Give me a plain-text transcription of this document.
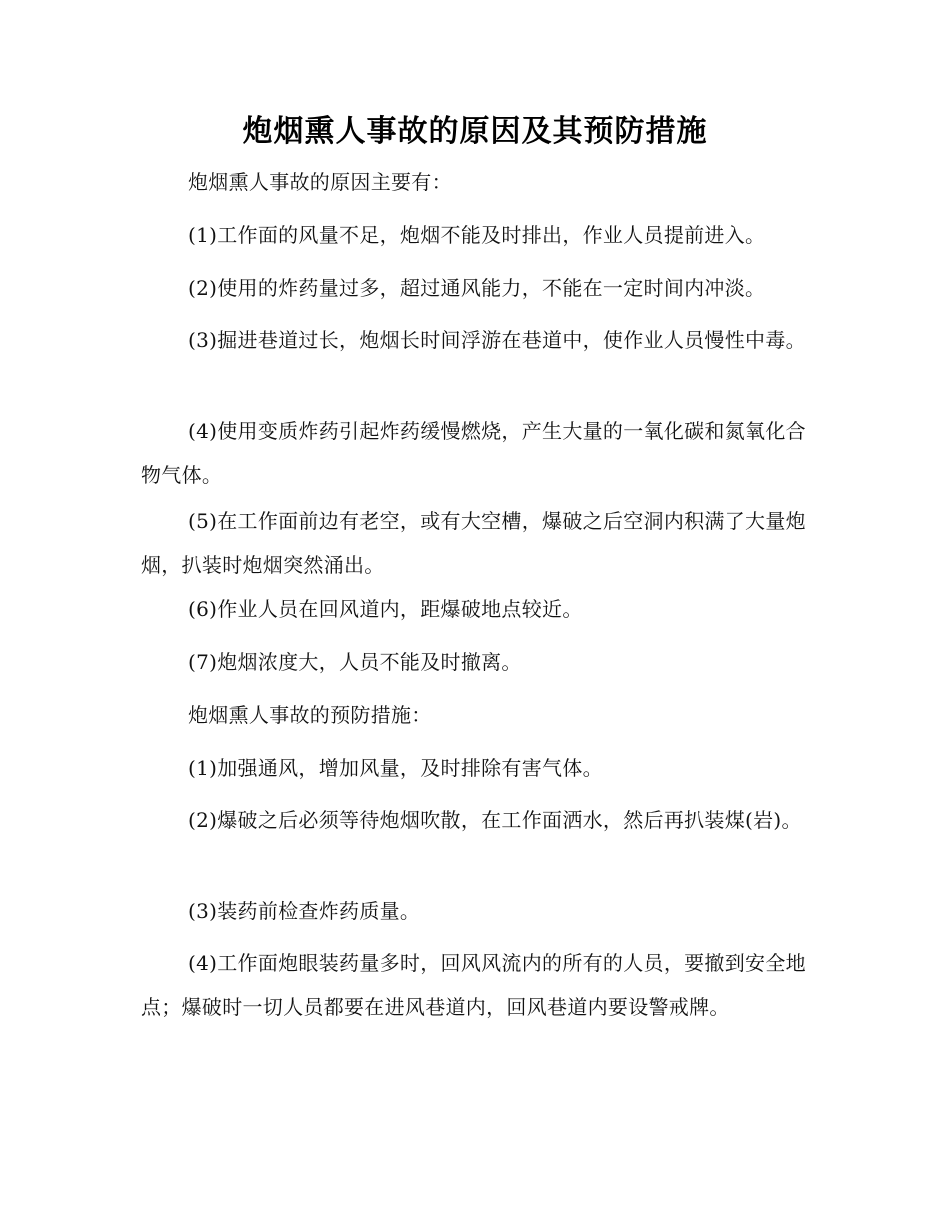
炮烟熏人事故的原因及其预防措施

炮烟熏人事故的原因主要有：

(1)工作面的风量不足，炮烟不能及时排出，作业人员提前进入。

(2)使用的炸药量过多，超过通风能力，不能在一定时间内冲淡。

(3)掘进巷道过长，炮烟长时间浮游在巷道中，使作业人员慢性中毒。

(4)使用变质炸药引起炸药缓慢燃烧，产生大量的一氧化碳和氮氧化合物气体。

(5)在工作面前边有老空，或有大空槽，爆破之后空洞内积满了大量炮烟，扒装时炮烟突然涌出。

(6)作业人员在回风道内，距爆破地点较近。

(7)炮烟浓度大，人员不能及时撤离。

炮烟熏人事故的预防措施：

(1)加强通风，增加风量，及时排除有害气体。

(2)爆破之后必须等待炮烟吹散，在工作面洒水，然后再扒装煤(岩)。

(3)装药前检查炸药质量。

(4)工作面炮眼装药量多时，回风风流内的所有的人员，要撤到安全地点；爆破时一切人员都要在进风巷道内，回风巷道内要设警戒牌。
